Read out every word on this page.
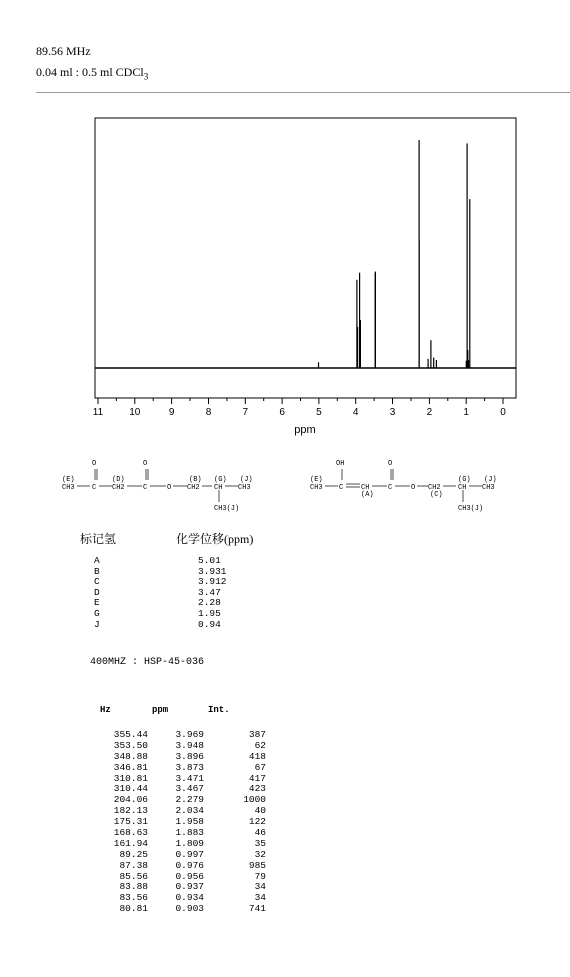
89.56 MHz
0.04 ml : 0.5 ml CDCl$_3$
11	10	9	8	7	6	5	4	3	2	1	0
ppm
(E)
CH3 C
O
(D)
CH2	C
O
O
(B)
CH2
(G)
CH
(J)
CH3
CH3(J)
(E)
CH3 C
OH
CH
(A)
C
O
O CH2
(C)
(G)
CH
(J)
CH3
CH3(J)
标记氢	化学位移(ppm)
A	5.01
B	3.931
C	3.912
D	3.47
E	2.28
G	1.95
J	0.94
400MHZ : HSP-45-036
Hz	ppm	Int.
355.44	3.969	387
353.50	3.948	62
348.88	3.896	418
346.81	3.873	67
310.81	3.471	417
310.44	3.467	423
204.06	2.279	1000
182.13	2.034	40
175.31	1.958	122
168.63	1.883	46
161.94	1.809	35
89.25	0.997	32
87.38	0.976	985
85.56	0.956	79
83.88	0.937	34
83.56	0.934	34
80.81	0.903	741
